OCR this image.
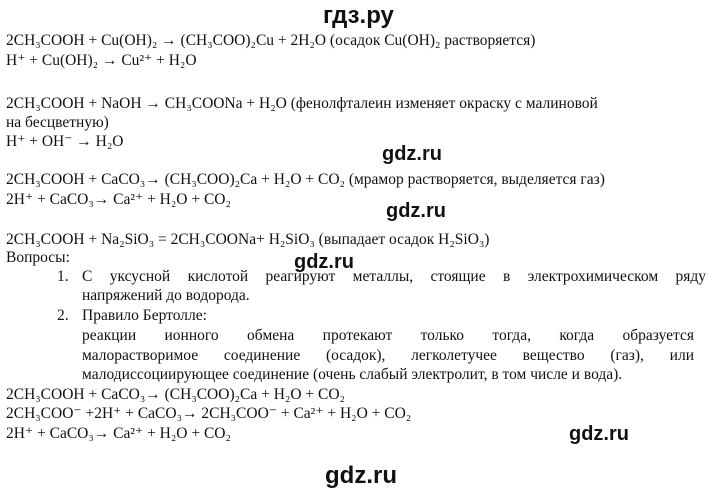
гдз.ру
gdz.ru
gdz.ru
gdz.ru
gdz.ru
gdz.ru
2CH₃COOH + Cu(OH)₂ → (CH₃COO)₂Cu + 2H₂O (осадок Cu(OH)₂ растворяется)
H⁺ + Cu(OH)₂ → Cu²⁺ + H₂O
2CH₃COOH + NaOH → CH₃COONa + H₂O (фенолфталеин изменяет окраску с малиновой
на бесцветную)
H⁺ + OH⁻ → H₂O
2CH₃COOH + CaCO₃→ (CH₃COO)₂Ca + H₂O + CO₂ (мрамор растворяется, выделяется газ)
2H⁺ + CaCO₃→ Ca²⁺ + H₂O + CO₂
2CH₃COOH + Na₂SiO₃ = 2CH₃COONa+ H₂SiO₃ (выпадает осадок H₂SiO₃)
Вопросы:
1. С уксусной кислотой реагируют металлы, стоящие в электрохимическом ряду
напряжений до водорода.
2. Правило Бертолле:
реакции ионного обмена протекают только тогда, когда образуется
малорастворимое соединение (осадок), легколетучее вещество (газ), или
малодиссоциирующее соединение (очень слабый электролит, в том числе и вода).
2CH₃COOH + CaCO₃→ (CH₃COO)₂Ca + H₂O + CO₂
2CH₃COO⁻ +2H⁺ + CaCO₃→ 2CH₃COO⁻ + Ca²⁺ + H₂O + CO₂
2H⁺ + CaCO₃→ Ca²⁺ + H₂O + CO₂
